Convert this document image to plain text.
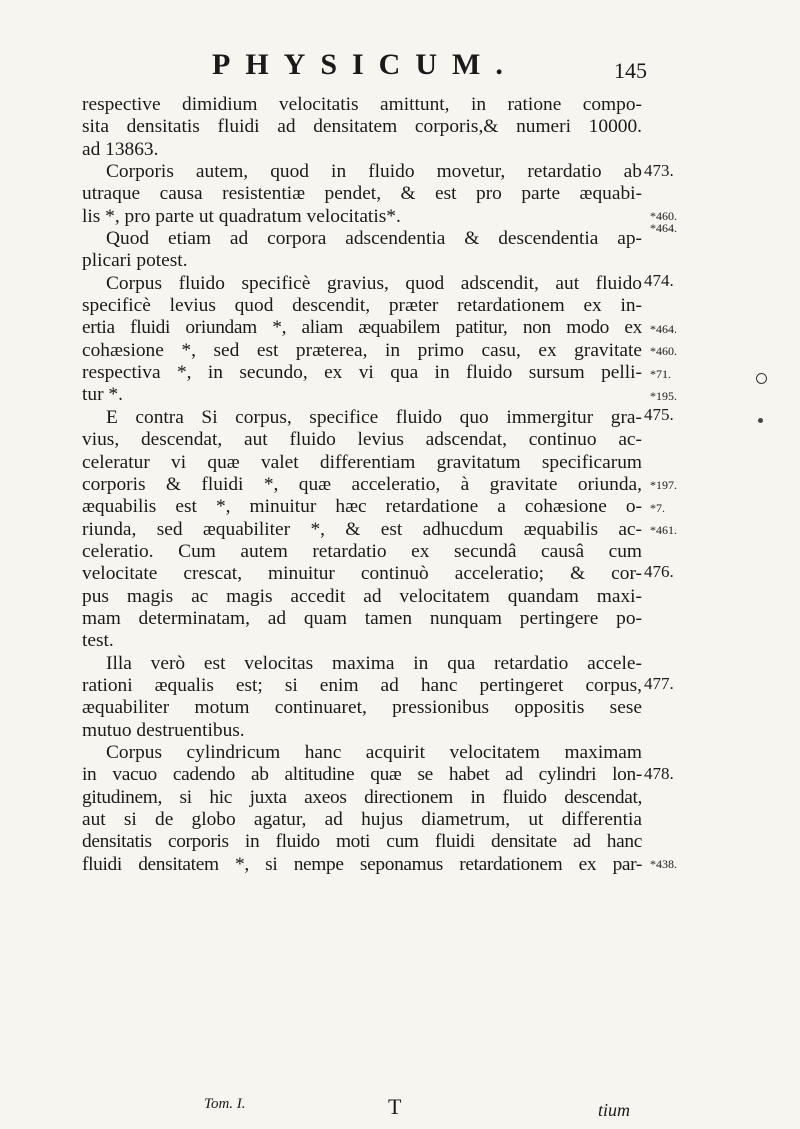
PHYSICUM.	145
respective dimidium velocitatis amittunt, in ratione compo-
sita densitatis fluidi ad densitatem corporis,& numeri 10000.
ad 13863.
Corporis autem, quod in fluido movetur, retardatio ab
utraque causa resistentiæ pendet, & est pro parte æquabi-
lis *, pro parte ut quadratum velocitatis*.
Quod etiam ad corpora adscendentia & descendentia ap-
plicari potest.
Corpus fluido specificè gravius, quod adscendit, aut fluido
specificè levius quod descendit, præter retardationem ex in-
ertia fluidi oriundam *, aliam æquabilem patitur, non modo ex
cohæsione *, sed est præterea, in primo casu, ex gravitate
respectiva *, in secundo, ex vi qua in fluido sursum pelli-
tur *.
E contra Si corpus, specifice fluido quo immergitur gra-
vius, descendat, aut fluido levius adscendat, continuo ac-
celeratur vi quæ valet differentiam gravitatum specificarum
corporis & fluidi *, quæ acceleratio, à gravitate oriunda,
æquabilis est *, minuitur hæc retardatione a cohæsione o-
riunda, sed æquabiliter *, & est adhucdum æquabilis ac-
celeratio. Cum autem retardatio ex secundâ causâ cum
velocitate crescat, minuitur continuò acceleratio; & cor-
pus magis ac magis accedit ad velocitatem quandam maxi-
mam determinatam, ad quam tamen nunquam pertingere po-
test.
Illa verò est velocitas maxima in qua retardatio accele-
rationi æqualis est; si enim ad hanc pertingeret corpus,
æquabiliter motum continuaret, pressionibus oppositis sese
mutuo destruentibus.
Corpus cylindricum hanc acquirit velocitatem maximam
in vacuo cadendo ab altitudine quæ se habet ad cylindri lon-
gitudinem, si hic juxta axeos directionem in fluido descendat,
aut si de globo agatur, ad hujus diametrum, ut differentia
densitatis corporis in fluido moti cum fluidi densitate ad hanc
fluidi densitatem *, si nempe seponamus retardationem ex par-
473.
*460.
*464.
474.
*464.
*460.
*71.
*195.
475.
*197.
*7.
*461.
476.
477.
478.
*438.
Tom. I.	T	tium
